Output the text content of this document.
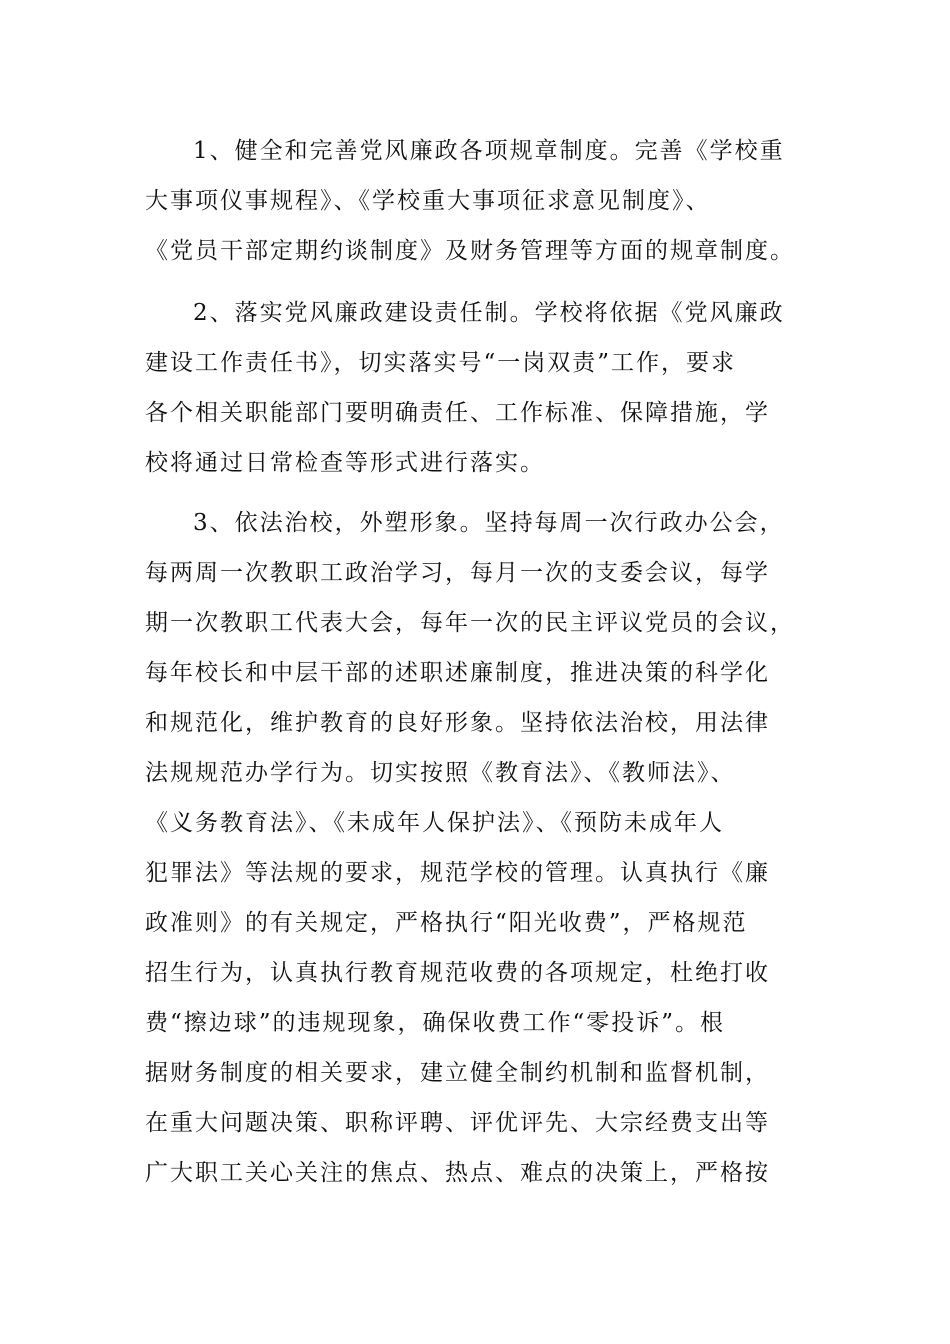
1、健全和完善党风廉政各项规章制度。完善《学校重
大事项仪事规程》、《学校重大事项征求意见制度》、
《党员干部定期约谈制度》及财务管理等方面的规章制度。
2、落实党风廉政建设责任制。学校将依据《党风廉政
建设工作责任书》，切实落实号“一岗双责”工作，要求
各个相关职能部门要明确责任、工作标准、保障措施，学
校将通过日常检查等形式进行落实。
3、依法治校，外塑形象。坚持每周一次行政办公会，
每两周一次教职工政治学习，每月一次的支委会议，每学
期一次教职工代表大会，每年一次的民主评议党员的会议，
每年校长和中层干部的述职述廉制度，推进决策的科学化
和规范化，维护教育的良好形象。坚持依法治校，用法律
法规规范办学行为。切实按照《教育法》、《教师法》、
《义务教育法》、《未成年人保护法》、《预防未成年人
犯罪法》等法规的要求，规范学校的管理。认真执行《廉
政准则》的有关规定，严格执行“阳光收费”，严格规范
招生行为，认真执行教育规范收费的各项规定，杜绝打收
费“擦边球”的违规现象，确保收费工作“零投诉”。根
据财务制度的相关要求，建立健全制约机制和监督机制，
在重大问题决策、职称评聘、评优评先、大宗经费支出等
广大职工关心关注的焦点、热点、难点的决策上，严格按
